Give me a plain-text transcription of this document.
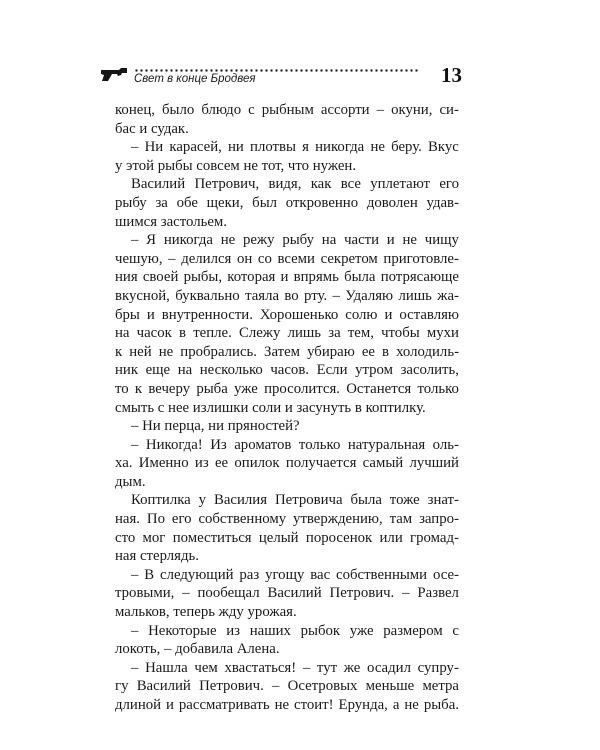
Свет в конце Бродвея	13
конец, было блюдо с рыбным ассорти – окуни, си-
бас и судак.
– Ни карасей, ни плотвы я никогда не беру. Вкус
у этой рыбы совсем не тот, что нужен.
Василий Петрович, видя, как все уплетают его
рыбу за обе щеки, был откровенно доволен удав-
шимся застольем.
– Я никогда не режу рыбу на части и не чищу
чешую, – делился он со всеми секретом приготовле-
ния своей рыбы, которая и впрямь была потрясающе
вкусной, буквально таяла во рту. – Удаляю лишь жа-
бры и внутренности. Хорошенько солю и оставляю
на часок в тепле. Слежу лишь за тем, чтобы мухи
к ней не пробрались. Затем убираю ее в холодиль-
ник еще на несколько часов. Если утром засолить,
то к вечеру рыба уже просолится. Останется только
смыть с нее излишки соли и засунуть в коптилку.
– Ни перца, ни пряностей?
– Никогда! Из ароматов только натуральная оль-
ха. Именно из ее опилок получается самый лучший
дым.
Коптилка у Василия Петровича была тоже знат-
ная. По его собственному утверждению, там запро-
сто мог поместиться целый поросенок или громад-
ная стерлядь.
– В следующий раз угощу вас собственными осе-
тровыми, – пообещал Василий Петрович. – Развел
мальков, теперь жду урожая.
– Некоторые из наших рыбок уже размером с
локоть, – добавила Алена.
– Нашла чем хвастаться! – тут же осадил супру-
гу Василий Петрович. – Осетровых меньше метра
длиной и рассматривать не стоит! Ерунда, а не рыба.
